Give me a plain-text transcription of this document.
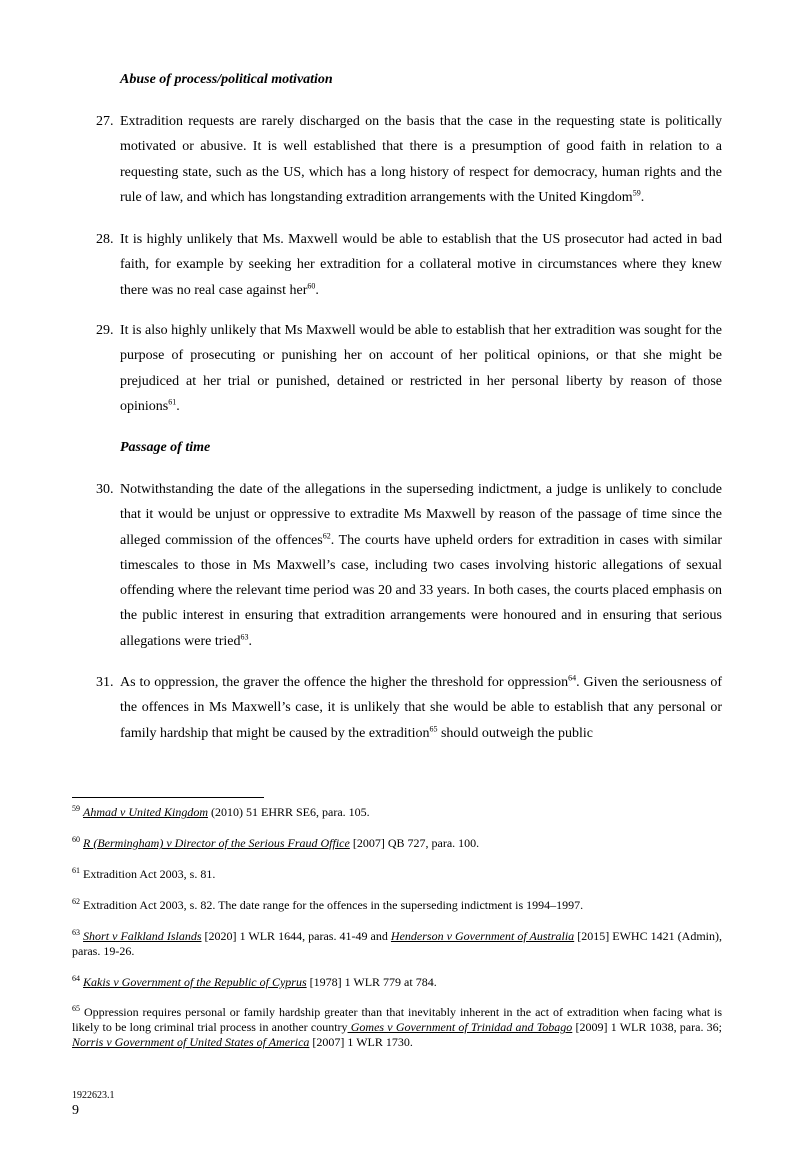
Abuse of process/political motivation
27. Extradition requests are rarely discharged on the basis that the case in the requesting state is politically motivated or abusive. It is well established that there is a presumption of good faith in relation to a requesting state, such as the US, which has a long history of respect for democracy, human rights and the rule of law, and which has longstanding extradition arrangements with the United Kingdom$^{59}$.
28. It is highly unlikely that Ms. Maxwell would be able to establish that the US prosecutor had acted in bad faith, for example by seeking her extradition for a collateral motive in circumstances where they knew there was no real case against her$^{60}$.
29. It is also highly unlikely that Ms Maxwell would be able to establish that her extradition was sought for the purpose of prosecuting or punishing her on account of her political opinions, or that she might be prejudiced at her trial or punished, detained or restricted in her personal liberty by reason of those opinions$^{61}$.
Passage of time
30. Notwithstanding the date of the allegations in the superseding indictment, a judge is unlikely to conclude that it would be unjust or oppressive to extradite Ms Maxwell by reason of the passage of time since the alleged commission of the offences$^{62}$. The courts have upheld orders for extradition in cases with similar timescales to those in Ms Maxwell’s case, including two cases involving historic allegations of sexual offending where the relevant time period was 20 and 33 years. In both cases, the courts placed emphasis on the public interest in ensuring that extradition arrangements were honoured and in ensuring that serious allegations were tried$^{63}$.
31. As to oppression, the graver the offence the higher the threshold for oppression$^{64}$. Given the seriousness of the offences in Ms Maxwell’s case, it is unlikely that she would be able to establish that any personal or family hardship that might be caused by the extradition$^{65}$ should outweigh the public
$^{59}$ Ahmad v United Kingdom (2010) 51 EHRR SE6, para. 105.
$^{60}$ R (Bermingham) v Director of the Serious Fraud Office [2007] QB 727, para. 100.
$^{61}$ Extradition Act 2003, s. 81.
$^{62}$ Extradition Act 2003, s. 82. The date range for the offences in the superseding indictment is 1994–1997.
$^{63}$ Short v Falkland Islands [2020] 1 WLR 1644, paras. 41-49 and Henderson v Government of Australia [2015] EWHC 1421 (Admin), paras. 19-26.
$^{64}$ Kakis v Government of the Republic of Cyprus [1978] 1 WLR 779 at 784.
$^{65}$ Oppression requires personal or family hardship greater than that inevitably inherent in the act of extradition when facing what is likely to be long criminal trial process in another country Gomes v Government of Trinidad and Tobago [2009] 1 WLR 1038, para. 36; Norris v Government of United States of America [2007] 1 WLR 1730.
1922623.1
9
